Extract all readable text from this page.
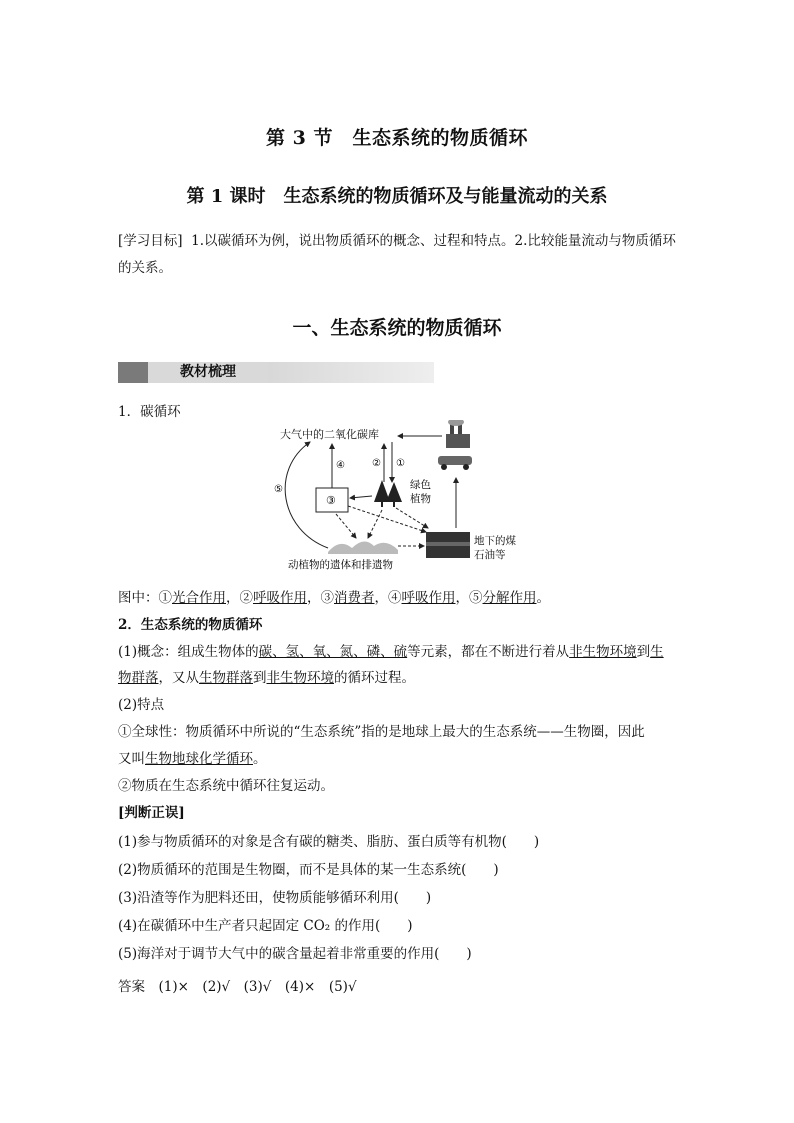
第 3 节　生态系统的物质循环
第 1 课时　生态系统的物质循环及与能量流动的关系
[学习目标] 1.以碳循环为例，说出物质循环的概念、过程和特点。2.比较能量流动与物质循环的关系。
一、生态系统的物质循环
教材梳理
1．碳循环
大气中的二氧化碳库
④	② ①
③
绿色
植物
⑤
动植物的遗体和排遗物
地下的煤
石油等
图中：①光合作用，②呼吸作用，③消费者，④呼吸作用，⑤分解作用。
2．生态系统的物质循环
(1)概念：组成生物体的碳、氢、氧、氮、磷、硫等元素，都在不断进行着从非生物环境到生
物群落，又从生物群落到非生物环境的循环过程。
(2)特点
①全球性：物质循环中所说的“生态系统”指的是地球上最大的生态系统——生物圈，因此
又叫生物地球化学循环。
②物质在生态系统中循环往复运动。
[判断正误]
(1)参与物质循环的对象是含有碳的糖类、脂肪、蛋白质等有机物(　　)
(2)物质循环的范围是生物圈，而不是具体的某一生态系统(　　)
(3)沿渣等作为肥料还田，使物质能够循环利用(　　)
(4)在碳循环中生产者只起固定 CO₂ 的作用(　　)
(5)海洋对于调节大气中的碳含量起着非常重要的作用(　　)
答案　(1)×　(2)√　(3)√　(4)×　(5)√
